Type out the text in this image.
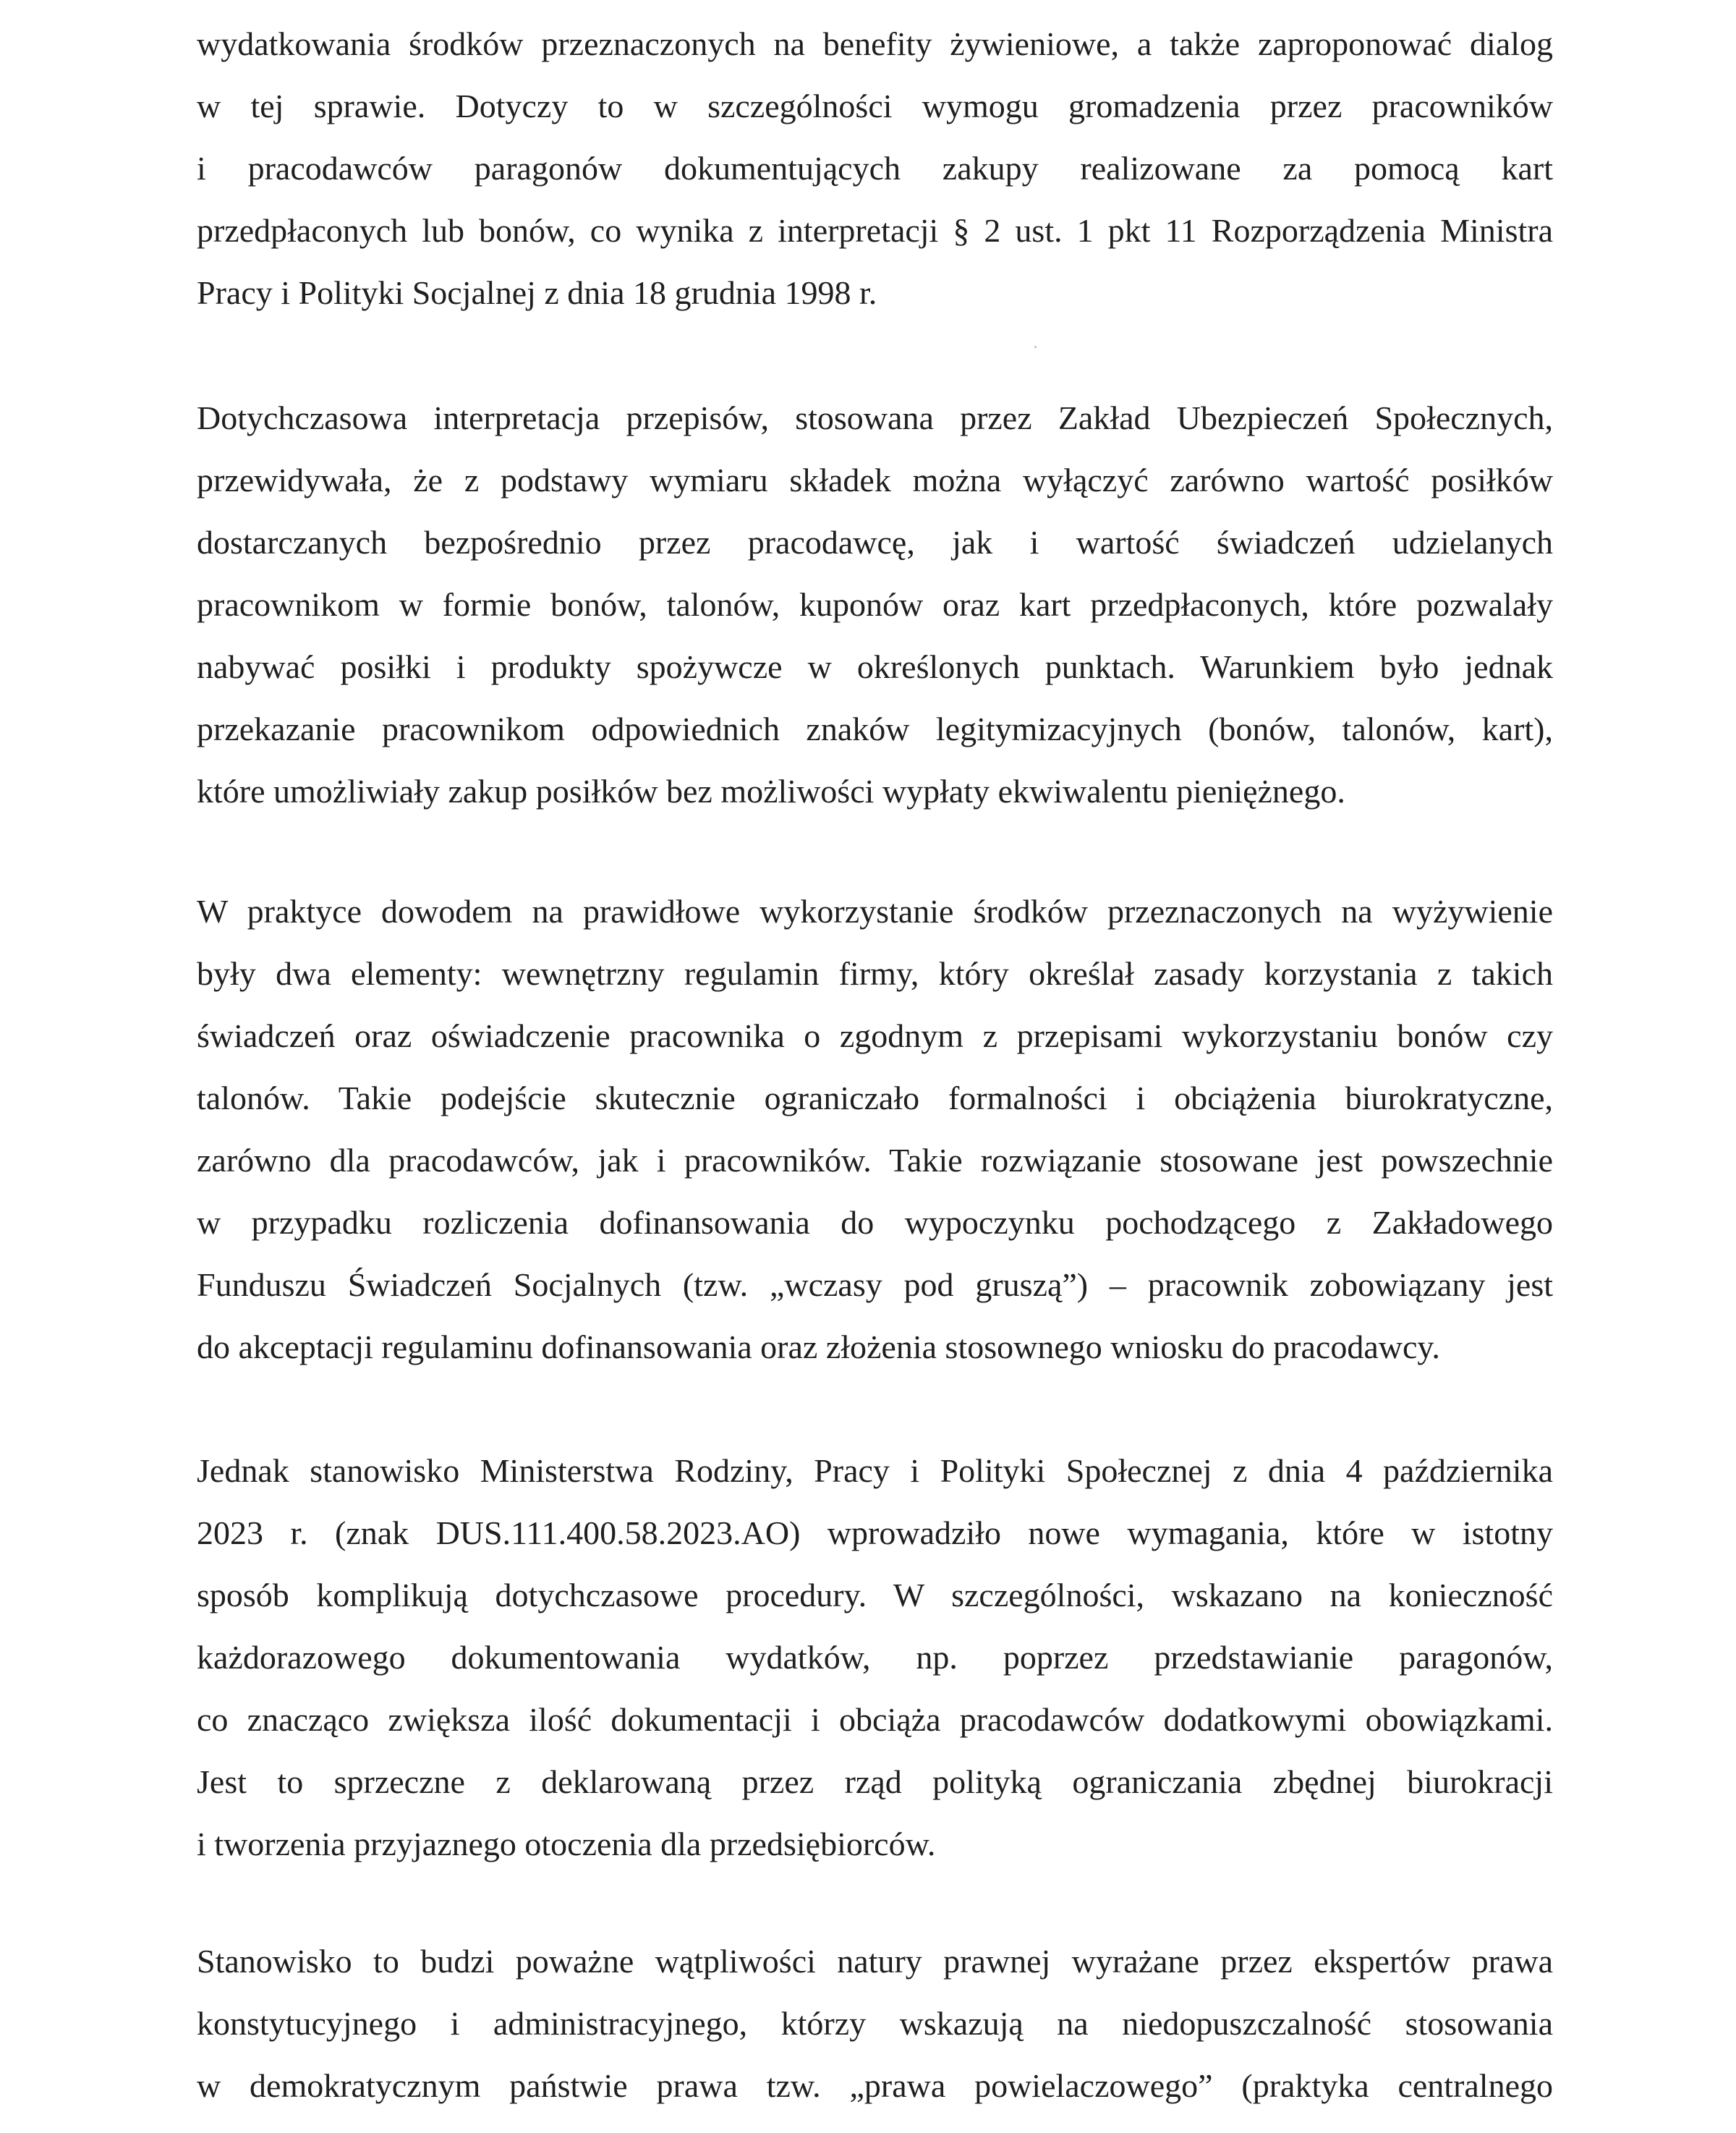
wydatkowania środków przeznaczonych na benefity żywieniowe, a także zaproponować dialog
w tej sprawie. Dotyczy to w szczególności wymogu gromadzenia przez pracowników
i pracodawców paragonów dokumentujących zakupy realizowane za pomocą kart
przedpłaconych lub bonów, co wynika z interpretacji § 2 ust. 1 pkt 11 Rozporządzenia Ministra
Pracy i Polityki Socjalnej z dnia 18 grudnia 1998 r.
Dotychczasowa interpretacja przepisów, stosowana przez Zakład Ubezpieczeń Społecznych,
przewidywała, że z podstawy wymiaru składek można wyłączyć zarówno wartość posiłków
dostarczanych bezpośrednio przez pracodawcę, jak i wartość świadczeń udzielanych
pracownikom w formie bonów, talonów, kuponów oraz kart przedpłaconych, które pozwalały
nabywać posiłki i produkty spożywcze w określonych punktach. Warunkiem było jednak
przekazanie pracownikom odpowiednich znaków legitymizacyjnych (bonów, talonów, kart),
które umożliwiały zakup posiłków bez możliwości wypłaty ekwiwalentu pieniężnego.
W praktyce dowodem na prawidłowe wykorzystanie środków przeznaczonych na wyżywienie
były dwa elementy: wewnętrzny regulamin firmy, który określał zasady korzystania z takich
świadczeń oraz oświadczenie pracownika o zgodnym z przepisami wykorzystaniu bonów czy
talonów. Takie podejście skutecznie ograniczało formalności i obciążenia biurokratyczne,
zarówno dla pracodawców, jak i pracowników. Takie rozwiązanie stosowane jest powszechnie
w przypadku rozliczenia dofinansowania do wypoczynku pochodzącego z Zakładowego
Funduszu Świadczeń Socjalnych (tzw. „wczasy pod gruszą”) – pracownik zobowiązany jest
do akceptacji regulaminu dofinansowania oraz złożenia stosownego wniosku do pracodawcy.
Jednak stanowisko Ministerstwa Rodziny, Pracy i Polityki Społecznej z dnia 4 października
2023 r. (znak DUS.111.400.58.2023.AO) wprowadziło nowe wymagania, które w istotny
sposób komplikują dotychczasowe procedury. W szczególności, wskazano na konieczność
każdorazowego dokumentowania wydatków, np. poprzez przedstawianie paragonów,
co znacząco zwiększa ilość dokumentacji i obciąża pracodawców dodatkowymi obowiązkami.
Jest to sprzeczne z deklarowaną przez rząd polityką ograniczania zbędnej biurokracji
i tworzenia przyjaznego otoczenia dla przedsiębiorców.
Stanowisko to budzi poważne wątpliwości natury prawnej wyrażane przez ekspertów prawa
konstytucyjnego i administracyjnego, którzy wskazują na niedopuszczalność stosowania
w demokratycznym państwie prawa tzw. „prawa powielaczowego” (praktyka centralnego
